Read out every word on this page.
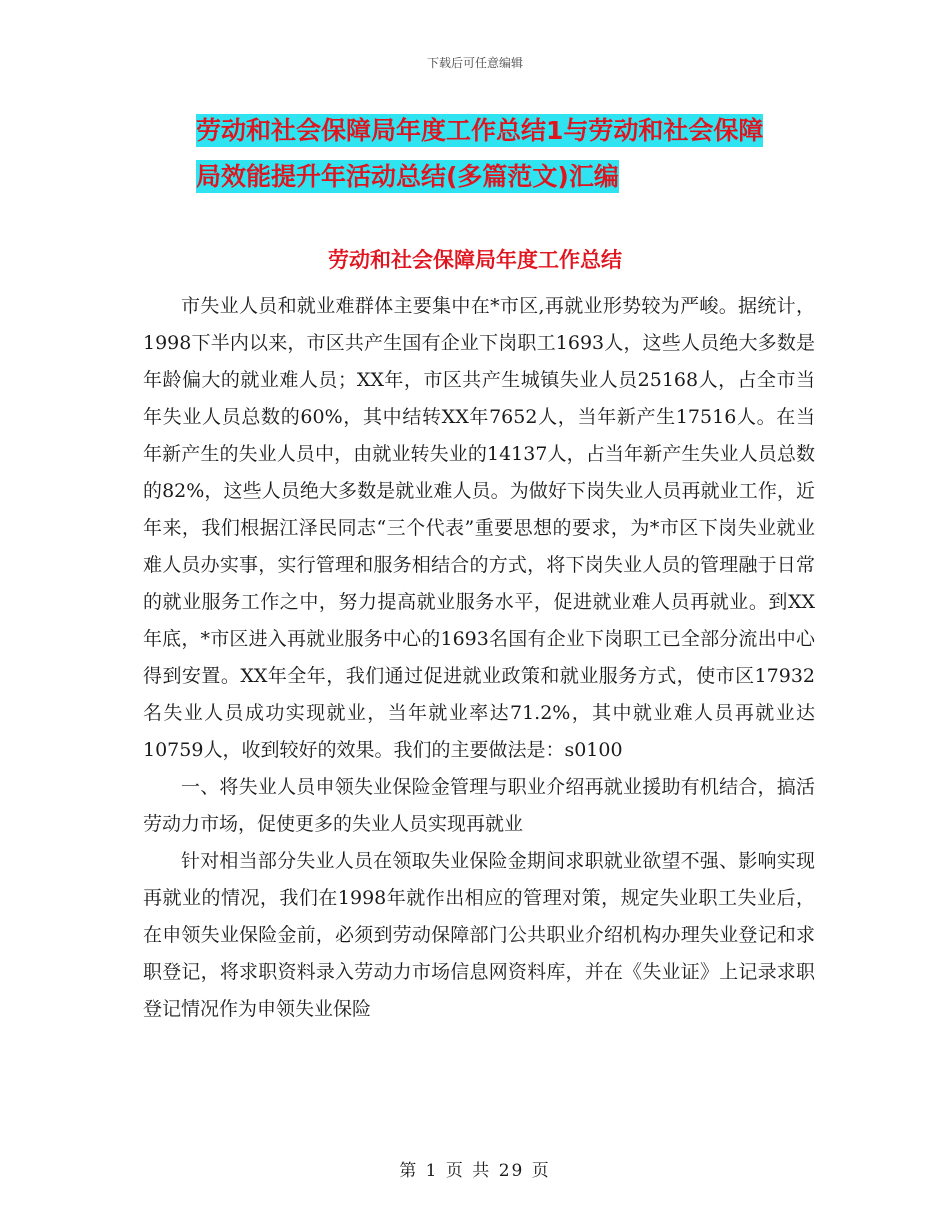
下载后可任意编辑
劳动和社会保障局年度工作总结1与劳动和社会保障
局效能提升年活动总结(多篇范文)汇编
劳动和社会保障局年度工作总结

市失业人员和就业难群体主要集中在*市区,再就业形势较为严峻。据统计，1998下半内以来，市区共产生国有企业下岗职工1693人，这些人员绝大多数是年龄偏大的就业难人员；XX年，市区共产生城镇失业人员25168人，占全市当年失业人员总数的60%，其中结转XX年7652人，当年新产生17516人。在当年新产生的失业人员中，由就业转失业的14137人，占当年新产生失业人员总数的82%，这些人员绝大多数是就业难人员。为做好下岗失业人员再就业工作，近年来，我们根据江泽民同志“三个代表”重要思想的要求，为*市区下岗失业就业难人员办实事，实行管理和服务相结合的方式，将下岗失业人员的管理融于日常的就业服务工作之中，努力提高就业服务水平，促进就业难人员再就业。到XX年底，*市区进入再就业服务中心的1693名国有企业下岗职工已全部分流出中心得到安置。XX年全年，我们通过促进就业政策和就业服务方式，使市区17932名失业人员成功实现就业，当年就业率达71.2%，其中就业难人员再就业达10759人，收到较好的效果。我们的主要做法是：s0100

一、将失业人员申领失业保险金管理与职业介绍再就业援助有机结合，搞活劳动力市场，促使更多的失业人员实现再就业

针对相当部分失业人员在领取失业保险金期间求职就业欲望不强、影响实现再就业的情况，我们在1998年就作出相应的管理对策，规定失业职工失业后，在申领失业保险金前，必须到劳动保障部门公共职业介绍机构办理失业登记和求职登记，将求职资料录入劳动力市场信息网资料库，并在《失业证》上记录求职登记情况作为申领失业保险

第 1 页 共 29 页
